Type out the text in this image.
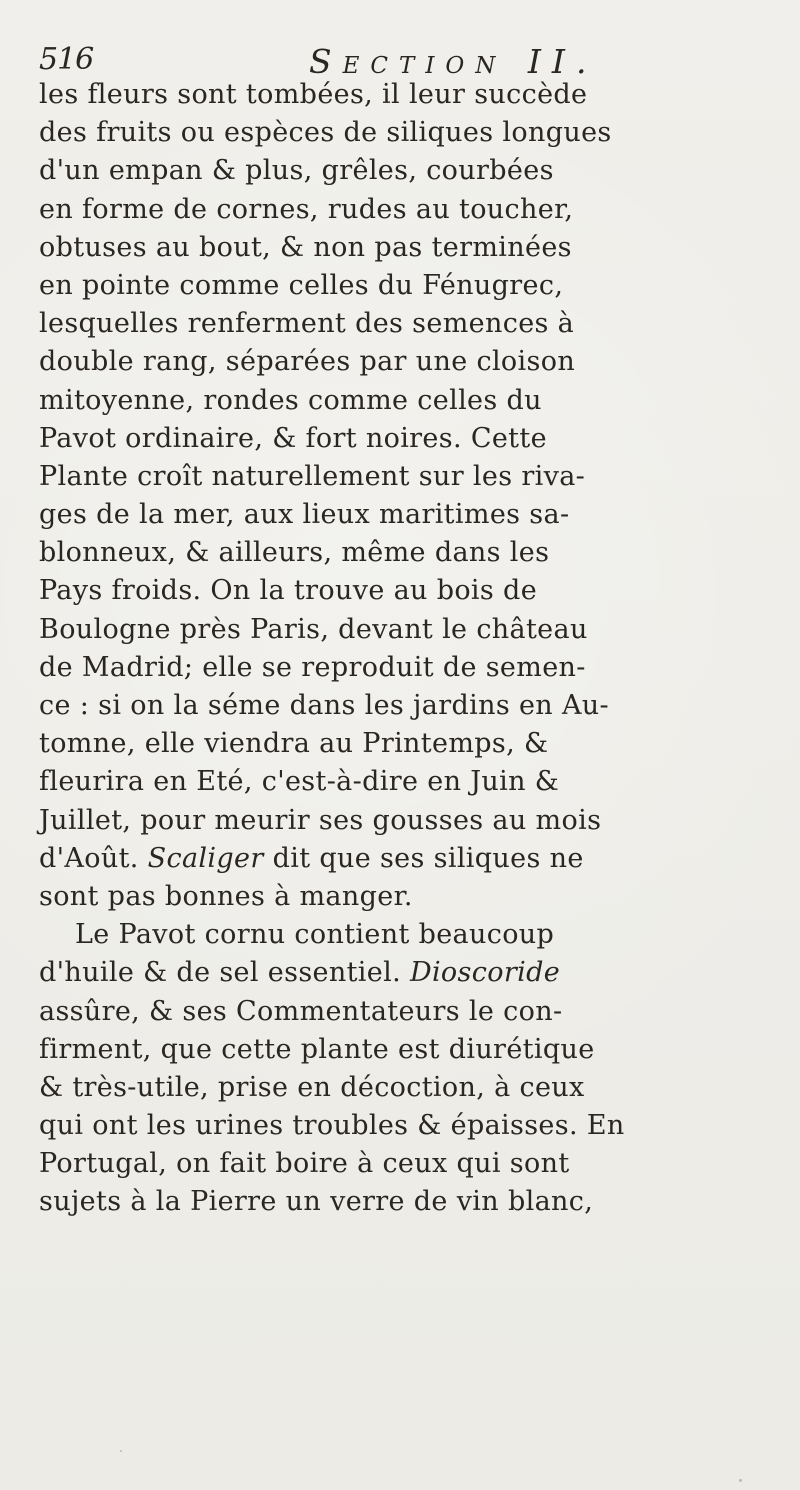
516	Section II.
les fleurs sont tombées, il leur succède
des fruits ou espèces de siliques longues
d'un empan & plus, grêles, courbées
en forme de cornes, rudes au toucher,
obtuses au bout, & non pas terminées
en pointe comme celles du Fénugrec,
lesquelles renferment des semences à
double rang, séparées par une cloison
mitoyenne, rondes comme celles du
Pavot ordinaire, & fort noires. Cette
Plante croît naturellement sur les riva-
ges de la mer, aux lieux maritimes sa-
blonneux, & ailleurs, même dans les
Pays froids. On la trouve au bois de
Boulogne près Paris, devant le château
de Madrid; elle se reproduit de semen-
ce : si on la séme dans les jardins en Au-
tomne, elle viendra au Printemps, &
fleurira en Eté, c'est-à-dire en Juin &
Juillet, pour meurir ses gousses au mois
d'Août. Scaliger dit que ses siliques ne
sont pas bonnes à manger.
Le Pavot cornu contient beaucoup
d'huile & de sel essentiel. Dioscoride
assûre, & ses Commentateurs le con-
firment, que cette plante est diurétique
& très-utile, prise en décoction, à ceux
qui ont les urines troubles & épaisses. En
Portugal, on fait boire à ceux qui sont
sujets à la Pierre un verre de vin blanc,
